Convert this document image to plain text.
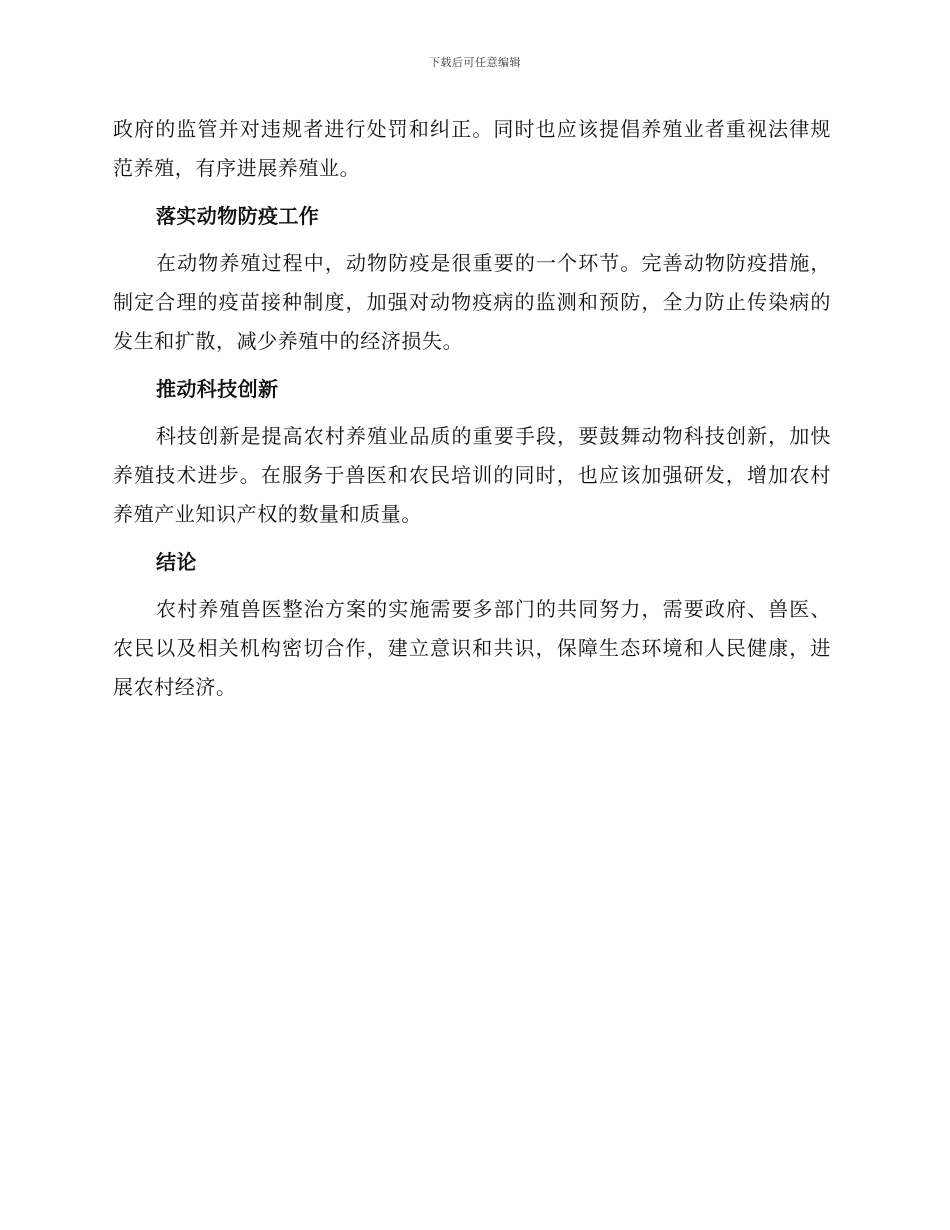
下载后可任意编辑

政府的监管并对违规者进行处罚和纠正。同时也应该提倡养殖业者重视法律规范养殖，有序进展养殖业。

落实动物防疫工作

在动物养殖过程中，动物防疫是很重要的一个环节。完善动物防疫措施，制定合理的疫苗接种制度，加强对动物疫病的监测和预防，全力防止传染病的发生和扩散，减少养殖中的经济损失。

推动科技创新

科技创新是提高农村养殖业品质的重要手段，要鼓舞动物科技创新，加快养殖技术进步。在服务于兽医和农民培训的同时，也应该加强研发，增加农村养殖产业知识产权的数量和质量。

结论

农村养殖兽医整治方案的实施需要多部门的共同努力，需要政府、兽医、农民以及相关机构密切合作，建立意识和共识，保障生态环境和人民健康，进展农村经济。
